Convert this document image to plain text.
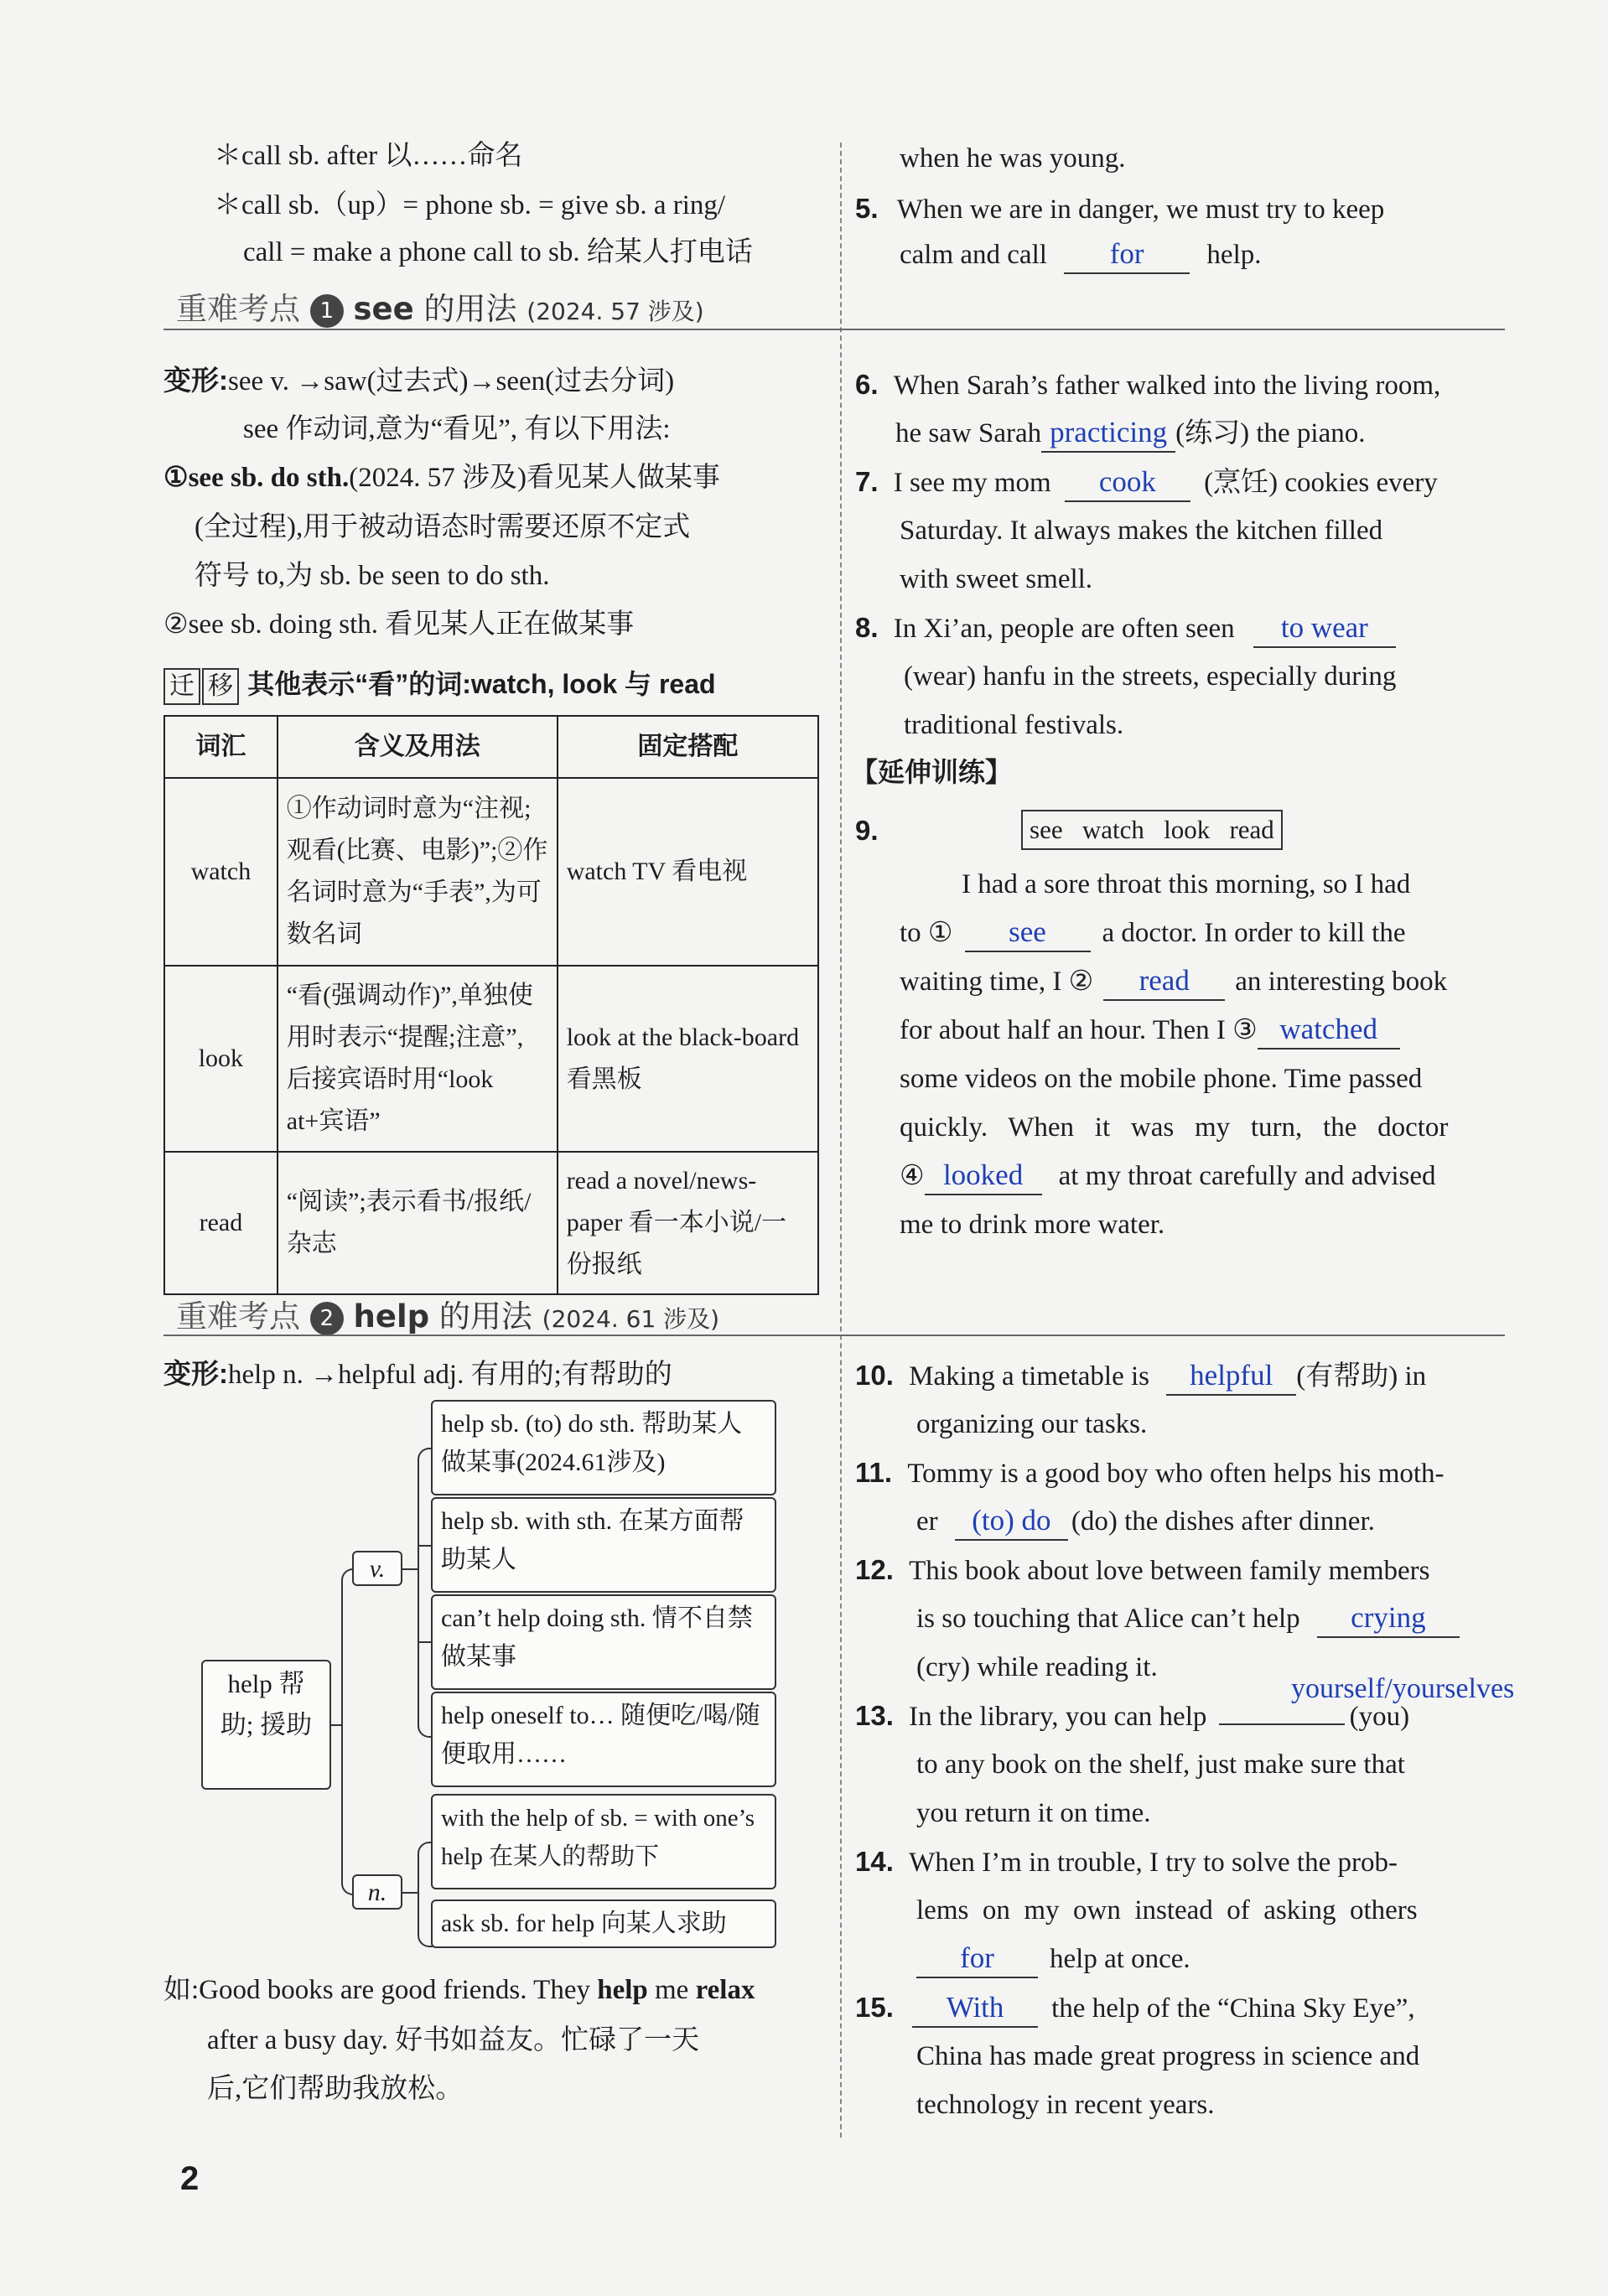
＊call sb. after 以……命名
＊call sb.（up）= phone sb. = give sb. a ring/
call = make a phone call to sb. 给某人打电话
when he was young.
5. When we are in danger, we must try to keep
calm and call for help.
重难考点 1 see 的用法 (2024. 57 涉及)
变形:see v. →saw(过去式)→seen(过去分词)
see 作动词,意为“看见”, 有以下用法:
①see sb. do sth.(2024. 57 涉及)看见某人做某事
(全过程),用于被动语态时需要还原不定式
符号 to,为 sb. be seen to do sth.
②see sb. doing sth. 看见某人正在做某事
迁 移 其他表示“看”的词:watch, look 与 read
词汇	含义及用法	固定搭配
watch	①作动词时意为“注视;观看(比赛、电影)”;②作名词时意为“手表”,为可数名词	watch TV 看电视
look	“看(强调动作)”,单独使用时表示“提醒;注意”,后接宾语时用“look at+宾语”	look at the black-board 看黑板
read	“阅读”;表示看书/报纸/杂志	read a novel/news-paper 看一本小说/一份报纸
6. When Sarah’s father walked into the living room,
he saw Sarah practicing (练习) the piano.
7. I see my mom cook (烹饪) cookies every
Saturday. It always makes the kitchen filled
with sweet smell.
8. In Xi’an, people are often seen to wear
(wear) hanfu in the streets, especially during
traditional festivals.
【延伸训练】
9.	see   watch   look   read
I had a sore throat this morning, so I had
to ① see a doctor. In order to kill the
waiting time, I ② read an interesting book
for about half an hour. Then I ③ watched
some videos on the mobile phone. Time passed
quickly.   When   it   was   my   turn,   the   doctor
④ looked at my throat carefully and advised
me to drink more water.
重难考点 2 help 的用法 (2024. 61 涉及)
变形:help n. →helpful adj. 有用的;有帮助的
help 帮助; 援助
v.
n.
help sb. (to) do sth. 帮助某人做某事(2024.61涉及)
help sb. with sth. 在某方面帮助某人
can’t help doing sth. 情不自禁做某事
help oneself to… 随便吃/喝/随便取用……
with the help of sb. = with one’s help 在某人的帮助下
ask sb. for help 向某人求助
如:Good books are good friends. They help me relax
after a busy day. 好书如益友。忙碌了一天
后,它们帮助我放松。
10. Making a timetable is helpful (有帮助) in
organizing our tasks.
11. Tommy is a good boy who often helps his moth-
er (to) do (do) the dishes after dinner.
12. This book about love between family members
is so touching that Alice can’t help crying
(cry) while reading it.
13. In the library, you can help	(you)
yourself/yourselves
to any book on the shelf, just make sure that
you return it on time.
14. When I’m in trouble, I try to solve the prob-
lems  on  my  own  instead  of  asking  others
for help at once.
15. With the help of the “China Sky Eye”,
China has made great progress in science and
technology in recent years.
2
